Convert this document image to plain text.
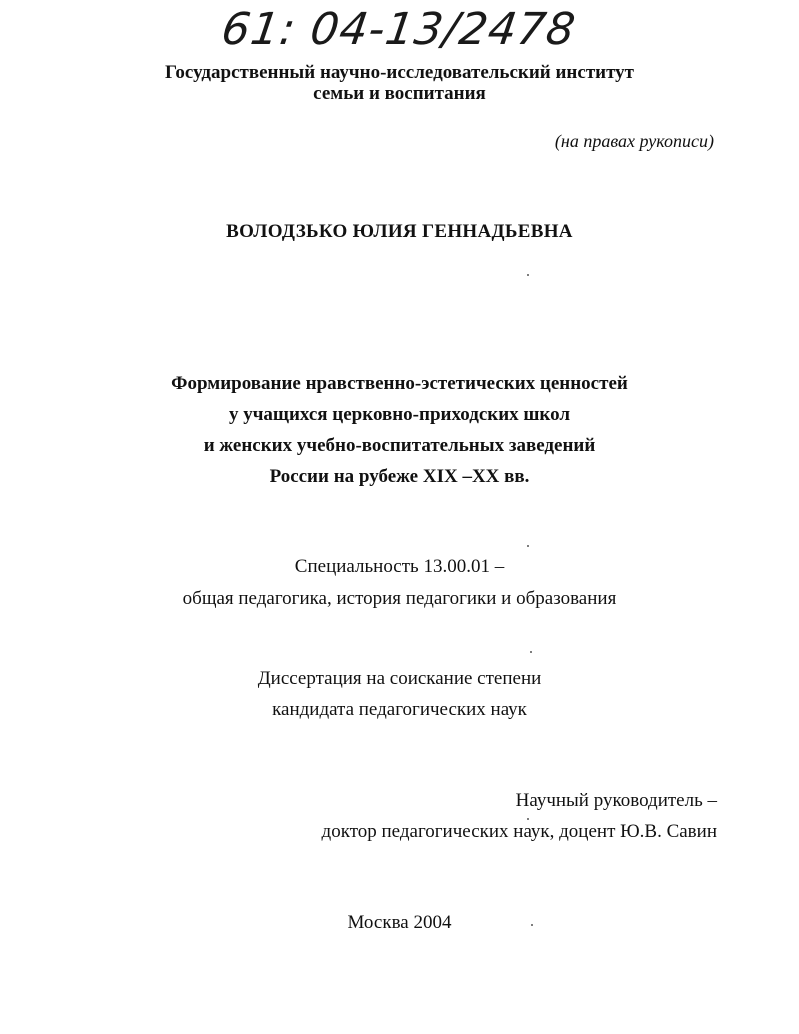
61: 04-13/2478
Государственный научно-исследовательский институт
семьи и воспитания
(на правах рукописи)
ВОЛОДЗЬКО ЮЛИЯ ГЕННАДЬЕВНА
Формирование нравственно-эстетических ценностей
у учащихся церковно-приходских школ
и женских учебно-воспитательных заведений
России на рубеже XIX –XX вв.
Специальность 13.00.01 –
общая педагогика, история педагогики и образования
Диссертация на соискание степени
кандидата педагогических наук
Научный руководитель –
доктор педагогических наук, доцент Ю.В. Савин
Москва 2004
